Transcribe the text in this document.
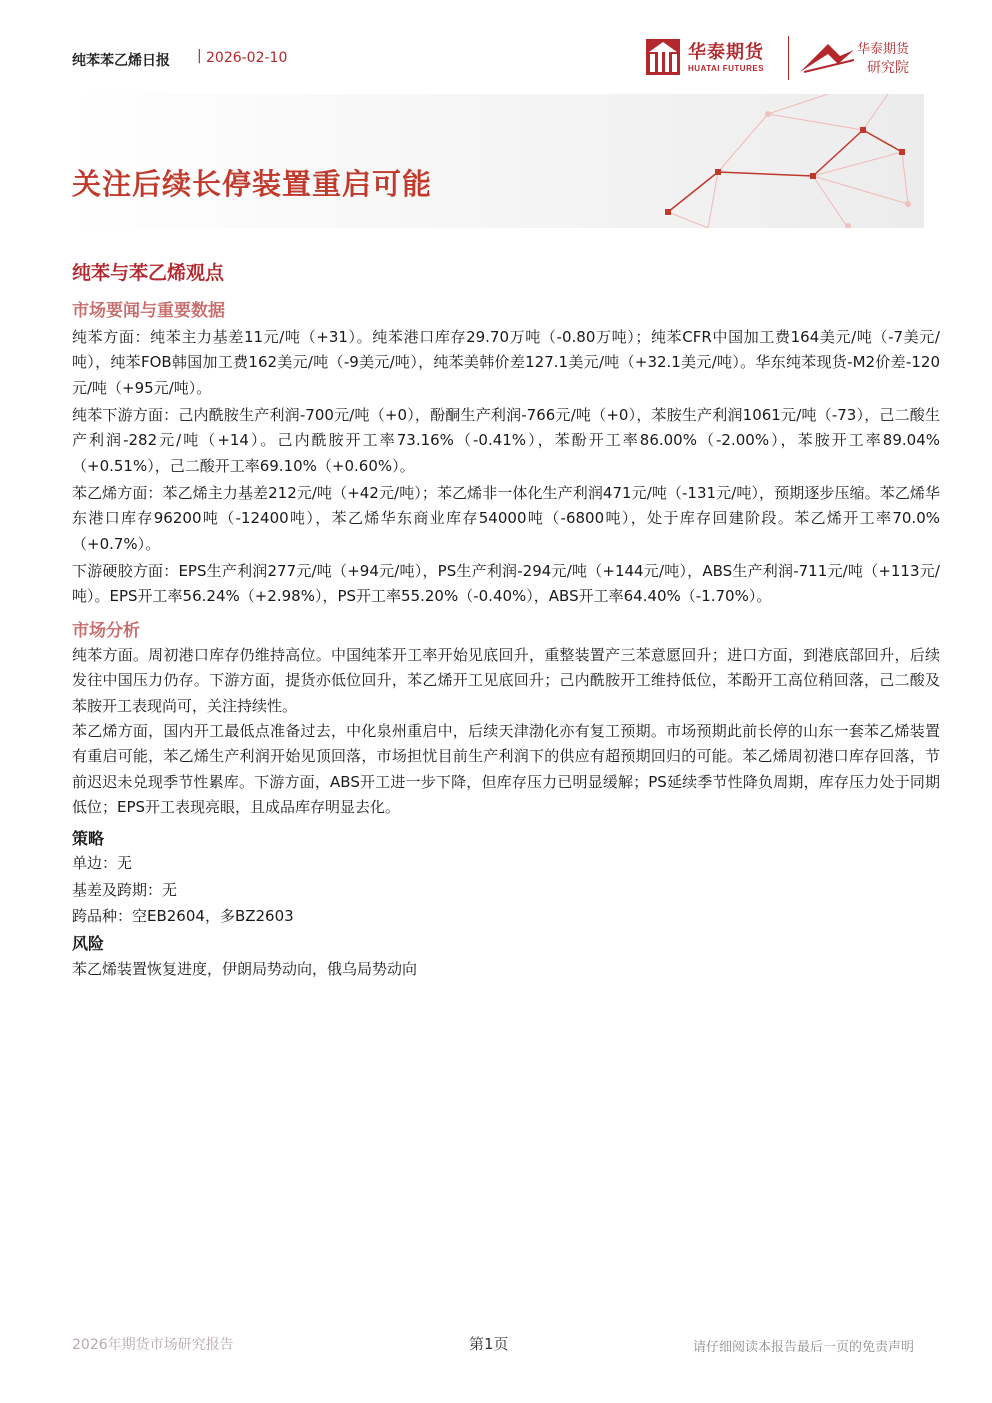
纯苯苯乙烯日报 | 2026-02-10	华泰期货
HUATAI FUTURES
华泰期货
研究院
关注后续长停装置重启可能
纯苯与苯乙烯观点
市场要闻与重要数据
纯苯方面：纯苯主力基差11元/吨（+31）。纯苯港口库存29.70万吨（-0.80万吨）；纯苯CFR中国加工费164美元/吨（-7美元/吨），纯苯FOB韩国加工费162美元/吨（-9美元/吨），纯苯美韩价差127.1美元/吨（+32.1美元/吨）。华东纯苯现货-M2价差-120元/吨（+95元/吨）。
纯苯下游方面：己内酰胺生产利润-700元/吨（+0），酚酮生产利润-766元/吨（+0），苯胺生产利润1061元/吨（-73），己二酸生产利润-282元/吨（+14）。己内酰胺开工率73.16%（-0.41%），苯酚开工率86.00%（-2.00%），苯胺开工率89.04%（+0.51%），己二酸开工率69.10%（+0.60%）。
苯乙烯方面：苯乙烯主力基差212元/吨（+42元/吨）；苯乙烯非一体化生产利润471元/吨（-131元/吨），预期逐步压缩。苯乙烯华东港口库存96200吨（-12400吨），苯乙烯华东商业库存54000吨（-6800吨），处于库存回建阶段。苯乙烯开工率70.0%（+0.7%）。
下游硬胶方面：EPS生产利润277元/吨（+94元/吨），PS生产利润-294元/吨（+144元/吨），ABS生产利润-711元/吨（+113元/吨）。EPS开工率56.24%（+2.98%），PS开工率55.20%（-0.40%），ABS开工率64.40%（-1.70%）。
市场分析
纯苯方面。周初港口库存仍维持高位。中国纯苯开工率开始见底回升，重整装置产三苯意愿回升；进口方面，到港底部回升，后续发往中国压力仍存。下游方面，提货亦低位回升，苯乙烯开工见底回升；己内酰胺开工维持低位，苯酚开工高位稍回落，己二酸及苯胺开工表现尚可，关注持续性。
苯乙烯方面，国内开工最低点准备过去，中化泉州重启中，后续天津渤化亦有复工预期。市场预期此前长停的山东一套苯乙烯装置有重启可能，苯乙烯生产利润开始见顶回落，市场担忧目前生产利润下的供应有超预期回归的可能。苯乙烯周初港口库存回落，节前迟迟未兑现季节性累库。下游方面，ABS开工进一步下降，但库存压力已明显缓解；PS延续季节性降负周期，库存压力处于同期低位；EPS开工表现亮眼，且成品库存明显去化。
策略
单边：无
基差及跨期：无
跨品种：空EB2604，多BZ2603
风险
苯乙烯装置恢复进度，伊朗局势动向，俄乌局势动向
2026年期货市场研究报告	第1页	请仔细阅读本报告最后一页的免责声明
